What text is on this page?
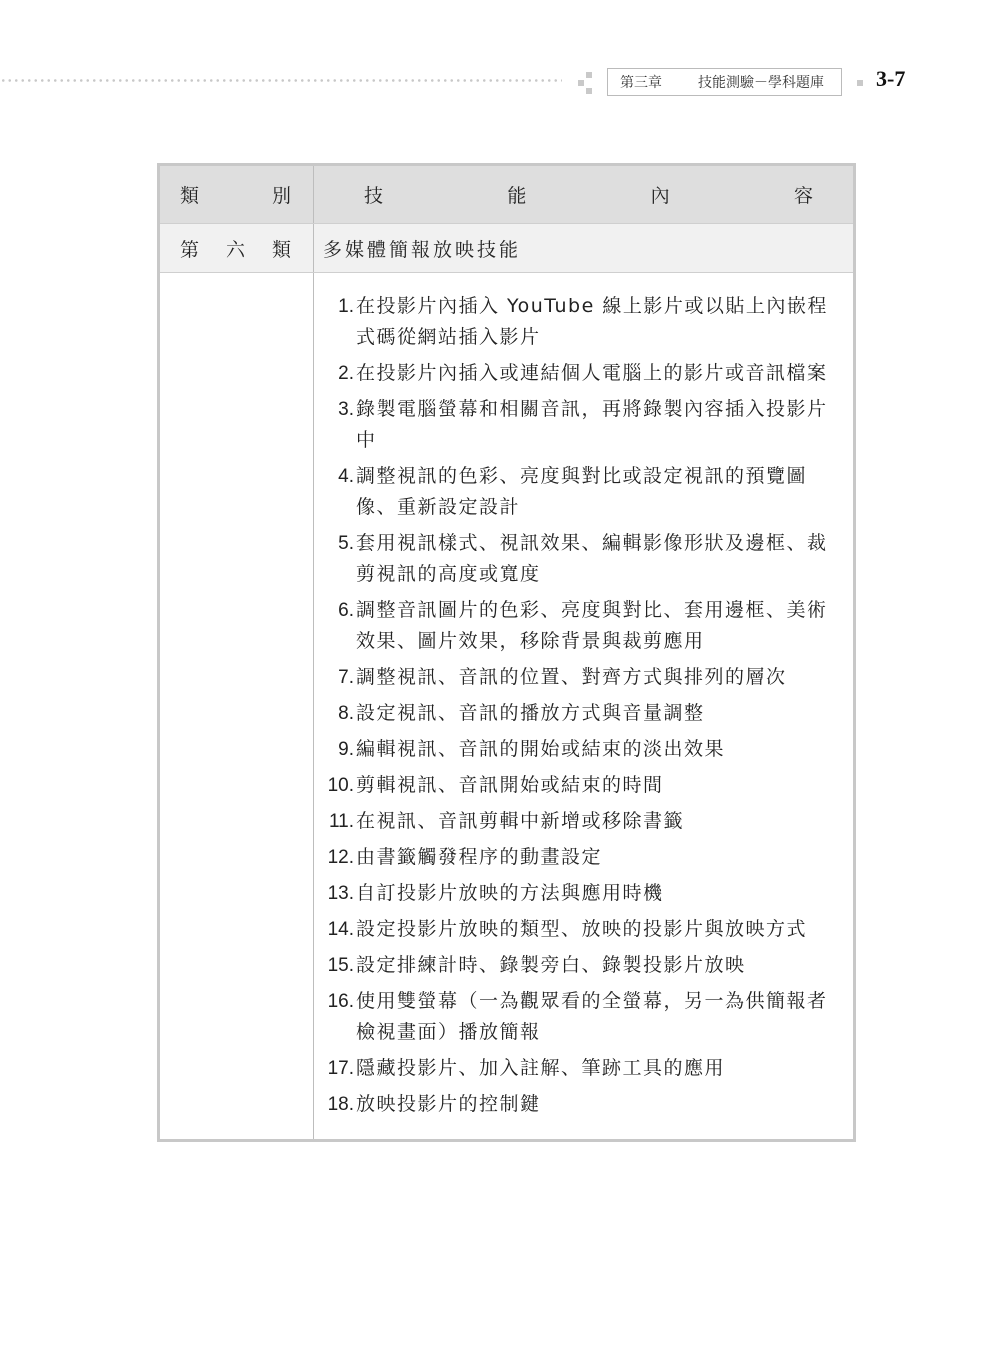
第三章	技能測驗－學科題庫 3-7
類 別	技 能 內 容

第 六 類	多媒體簡報放映技能

1. 在投影片內插入 YouTube 線上影片或以貼上內嵌程式碼從網站插入影片
2. 在投影片內插入或連結個人電腦上的影片或音訊檔案
3. 錄製電腦螢幕和相關音訊，再將錄製內容插入投影片中
4. 調整視訊的色彩、亮度與對比或設定視訊的預覽圖像、重新設定設計
5. 套用視訊樣式、視訊效果、編輯影像形狀及邊框、裁剪視訊的高度或寬度
6. 調整音訊圖片的色彩、亮度與對比、套用邊框、美術效果、圖片效果，移除背景與裁剪應用
7. 調整視訊、音訊的位置、對齊方式與排列的層次
8. 設定視訊、音訊的播放方式與音量調整
9. 編輯視訊、音訊的開始或結束的淡出效果
10. 剪輯視訊、音訊開始或結束的時間
11. 在視訊、音訊剪輯中新增或移除書籤
12. 由書籤觸發程序的動畫設定
13. 自訂投影片放映的方法與應用時機
14. 設定投影片放映的類型、放映的投影片與放映方式
15. 設定排練計時、錄製旁白、錄製投影片放映
16. 使用雙螢幕（一為觀眾看的全螢幕，另一為供簡報者檢視畫面）播放簡報
17. 隱藏投影片、加入註解、筆跡工具的應用
18. 放映投影片的控制鍵
